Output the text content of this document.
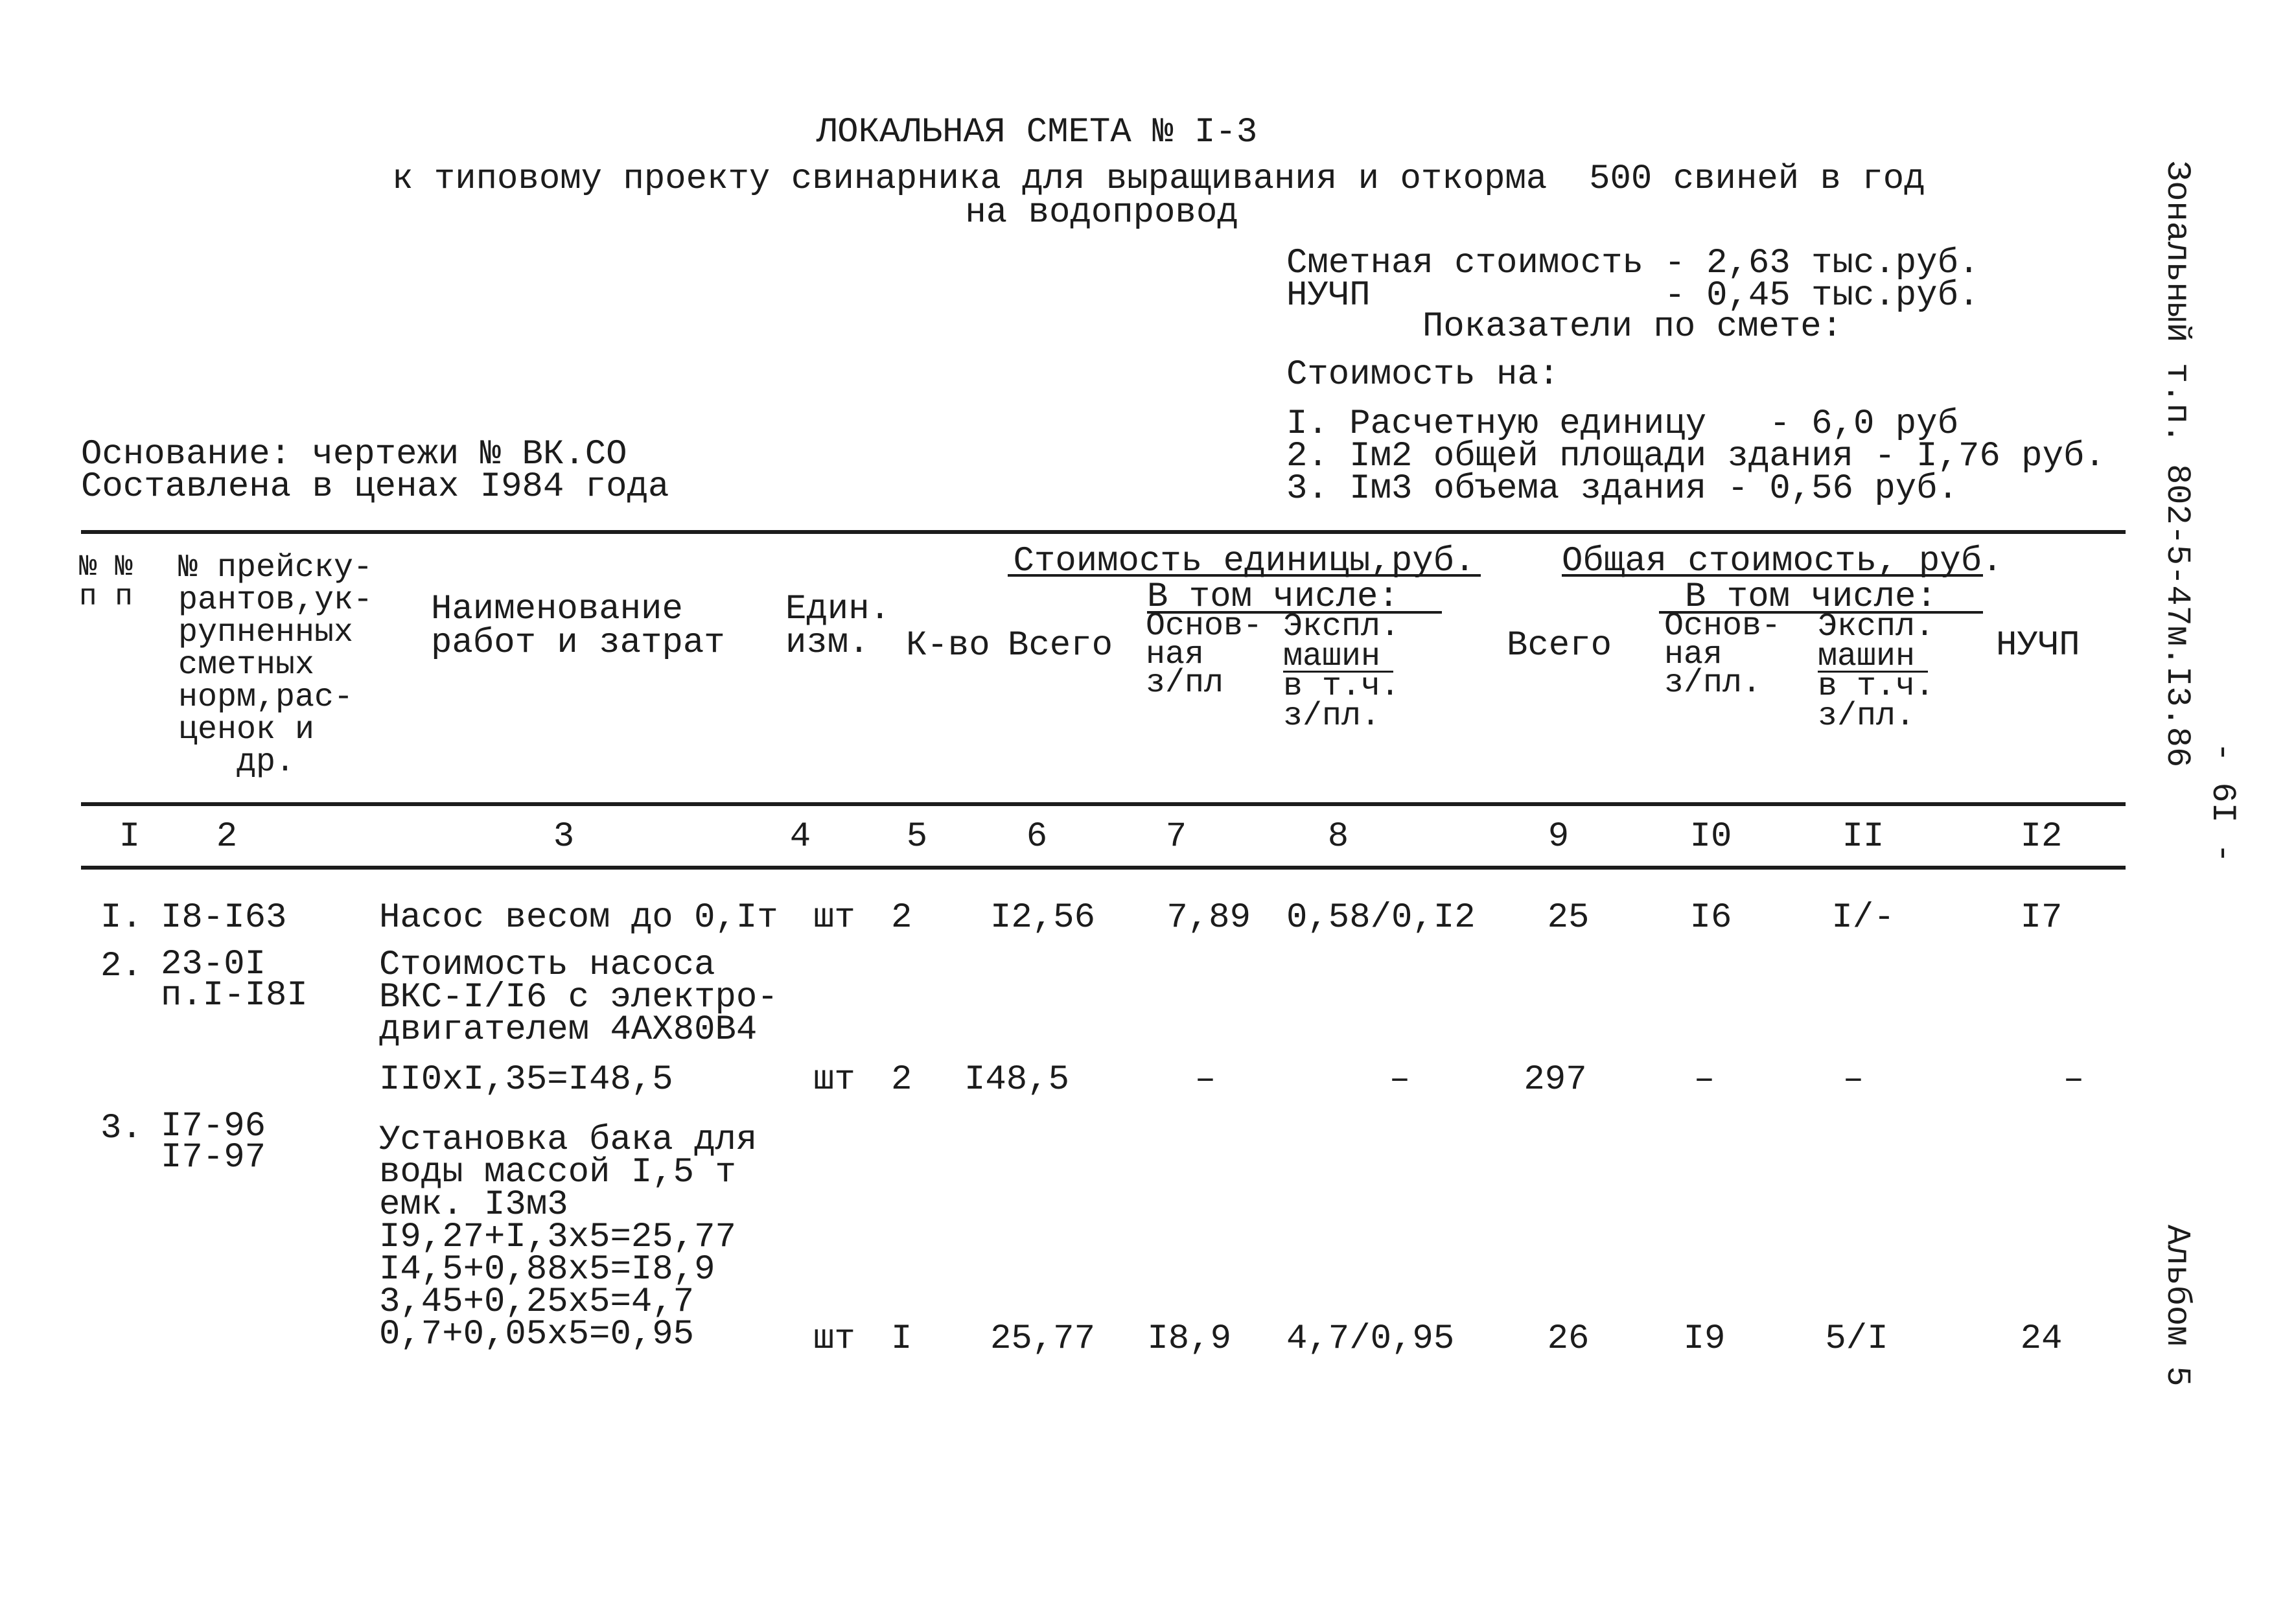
ЛОКАЛЬНАЯ СМЕТА № I-3
к типовому проекту свинарника для выращивания и откорма  500 свиней в год
на водопровод
Сметная стоимость - 2,63 тыс.руб.
НУЧП              - 0,45 тыс.руб.
Показатели по смете:
Стоимость на:
I. Расчетную единицу   - 6,0 руб
2. Iм2 общей площади здания - I,76 руб.
3. Iм3 объема здания - 0,56 руб.
Основание: чертежи № ВК.СО
Составлена в ценах I984 года	Зональный т.п. 802-5-47м.I3.86
- 6I -
Альбом 5
№ №
п п
№ прейску-
рантов,ук-
рупненных
сметных
норм,рас-
ценок и
др.
Наименование
работ и затрат
Един.
изм.	К-во
Стоимость единицы,руб.
В том числе:
Всего Основ-
ная
з/пл
Экспл.
машин
в т.ч.
з/пл.
Общая стоимость, руб.
В том числе:
Всего Основ-
ная
з/пл.
Экспл.
машин
в т.ч.
з/пл.
НУЧП
I	2	3	4	5	6	7	8	9	I0	II	I2
I. I8-I63	Насос весом до 0,Iт шт 2	I2,56	7,89 0,58/0,I2	25	I6	I/-	I7
2. 23-0I
п.I-I8I
Стоимость насоса
ВКС-I/I6 с электро-
двигателем 4АХ80В4
II0хI,35=I48,5	шт 2 I48,5	–	–	297	–	–	–
3. I7-96
I7-97	Установка бака для
воды массой I,5 т
емк. I3м3
I9,27+I,3х5=25,77
I4,5+0,88х5=I8,9
3,45+0,25х5=4,7
0,7+0,05х5=0,95	шт I	25,77	I8,9 4,7/0,95	26	I9	5/I	24
